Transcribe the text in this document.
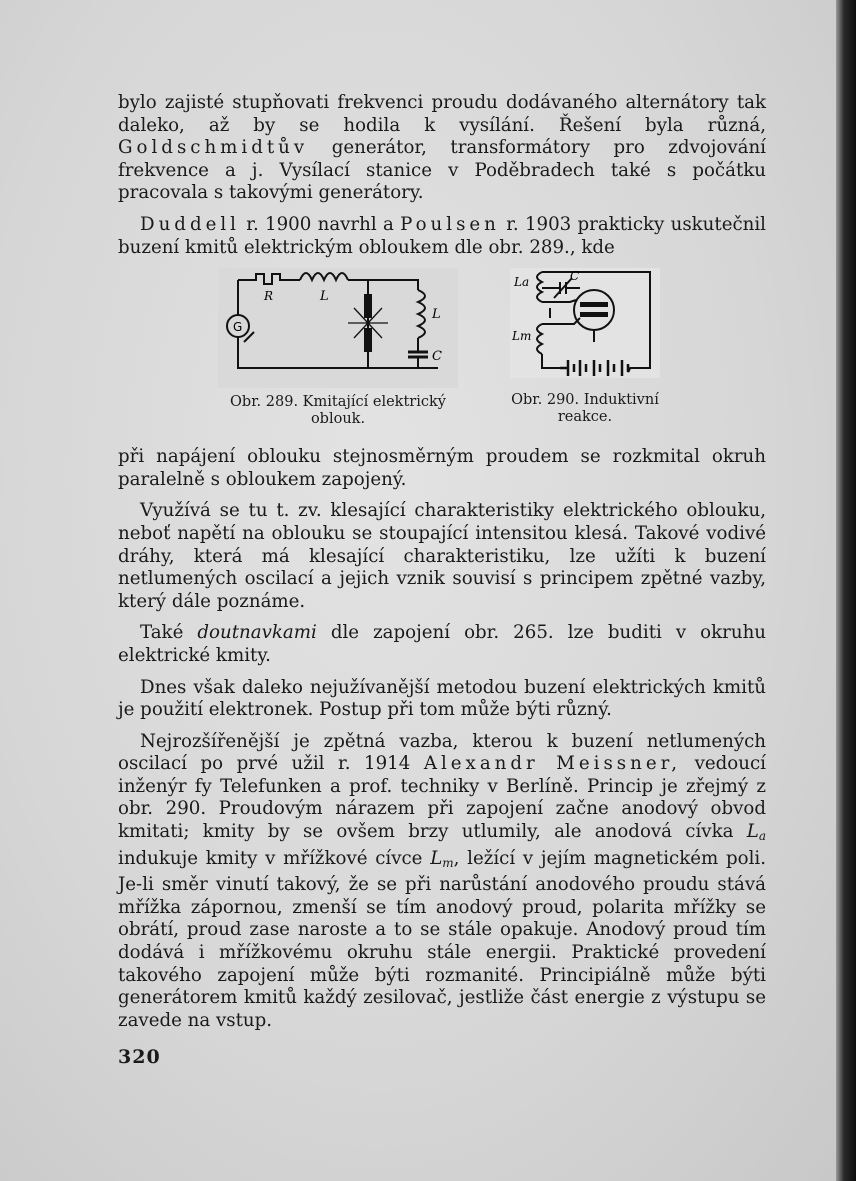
bylo zajisté stupňovati frekvenci proudu dodávaného alternátory tak daleko, až by se hodila k vysílání. Řešení byla různá, Goldschmidtův generátor, transformátory pro zdvojování frekvence a j. Vysílací stanice v Poděbradech také s počátku pracovala s takovými generátory.

Duddell r. 1900 navrhl a Poulsen r. 1903 prakticky uskutečnil buzení kmitů elektrickým obloukem dle obr. 289., kde

G
R	L
L
C
Obr. 289. Kmitající elektrický oblouk.
La	C
Lm
Obr. 290. Induktivní reakce.

při napájení oblouku stejnosměrným proudem se rozkmital okruh paralelně s obloukem zapojený.

Využívá se tu t. zv. klesající charakteristiky elektrického oblouku, neboť napětí na oblouku se stoupající intensitou klesá. Takové vodivé dráhy, která má klesající charakteristiku, lze užíti k buzení netlumených oscilací a jejich vznik souvisí s principem zpětné vazby, který dále poznáme.

Také doutnavkami dle zapojení obr. 265. lze buditi v okruhu elektrické kmity.

Dnes však daleko nejužívanější metodou buzení elektrických kmitů je použití elektronek. Postup při tom může býti různý.

Nejrozšířenější je zpětná vazba, kterou k buzení netlumených oscilací po prvé užil r. 1914 Alexandr Meissner, vedoucí inženýr fy Telefunken a prof. techniky v Berlíně. Princip je zřejmý z obr. 290. Proudovým nárazem při zapojení začne anodový obvod kmitati; kmity by se ovšem brzy utlumily, ale anodová cívka $L_a$ indukuje kmity v mřížkové cívce $L_m$, ležící v jejím magnetickém poli. Je-li směr vinutí takový, že se při narůstání anodového proudu stává mřížka zápornou, zmenší se tím anodový proud, polarita mřížky se obrátí, proud zase naroste a to se stále opakuje. Anodový proud tím dodává i mřížkovému okruhu stále energii. Praktické provedení takového zapojení může býti rozmanité. Principiálně může býti generátorem kmitů každý zesilovač, jestliže část energie z výstupu se zavede na vstup.

320
